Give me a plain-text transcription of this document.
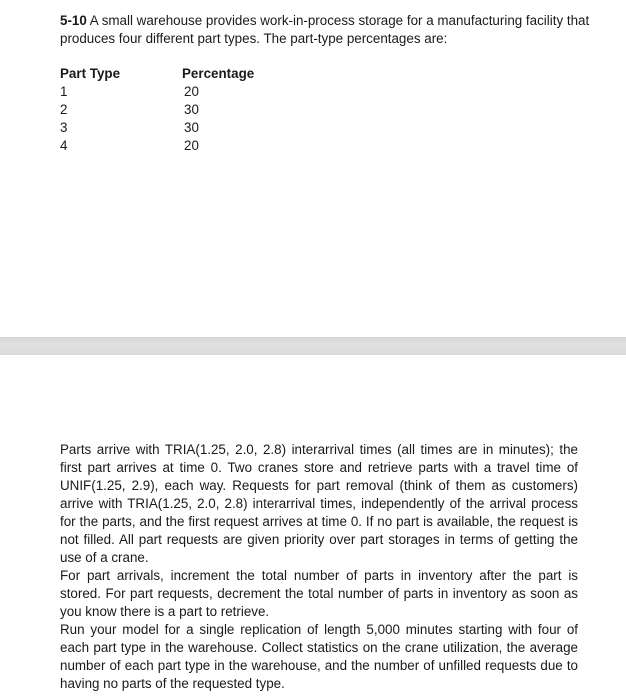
5-10 A small warehouse provides work-in-process storage for a manufacturing facility that produces four different part types. The part-type percentages are:

Part Type	Percentage
1	20
2	30
3	30
4	20

Parts arrive with TRIA(1.25, 2.0, 2.8) interarrival times (all times are in minutes); the first part arrives at time 0. Two cranes store and retrieve parts with a travel time of UNIF(1.25, 2.9), each way. Requests for part removal (think of them as customers) arrive with TRIA(1.25, 2.0, 2.8) interarrival times, independently of the arrival process for the parts, and the first request arrives at time 0. If no part is available, the request is not filled. All part requests are given priority over part storages in terms of getting the use of a crane.

For part arrivals, increment the total number of parts in inventory after the part is stored. For part requests, decrement the total number of parts in inventory as soon as you know there is a part to retrieve.

Run your model for a single replication of length 5,000 minutes starting with four of each part type in the warehouse. Collect statistics on the crane utilization, the average number of each part type in the warehouse, and the number of unfilled requests due to having no parts of the requested type.
